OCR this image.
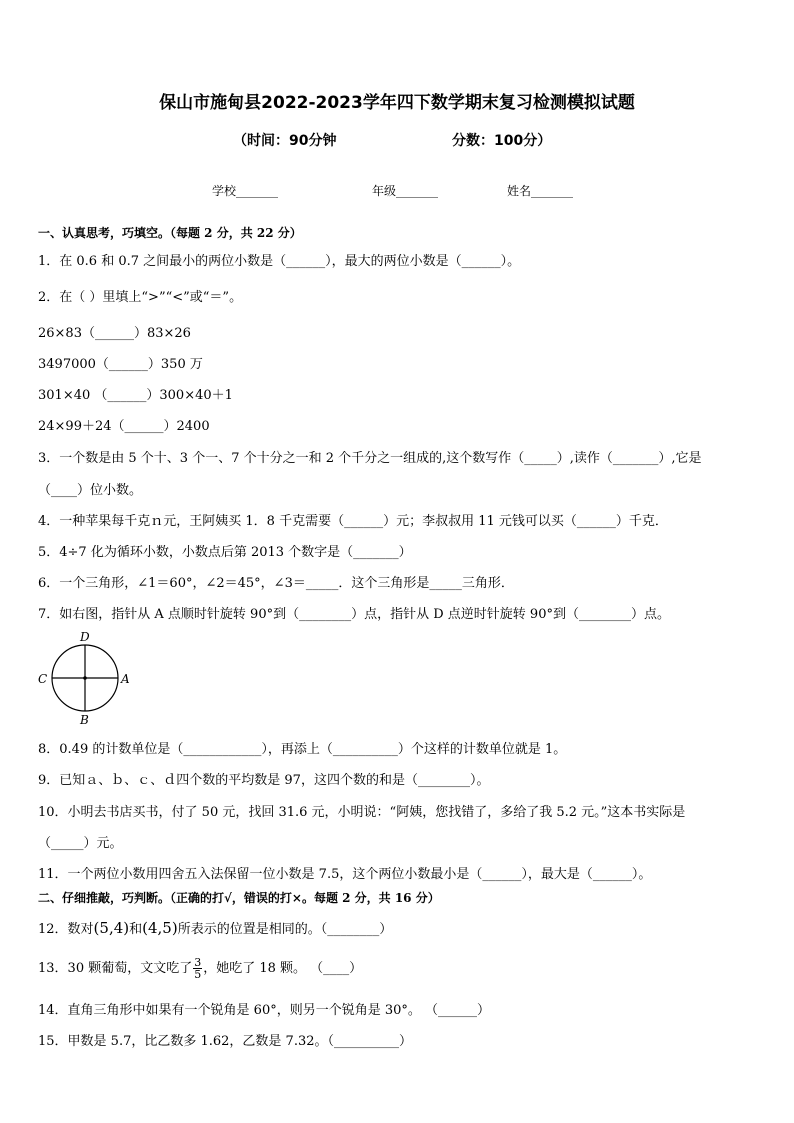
保山市施甸县2022-2023学年四下数学期末复习检测模拟试题
（时间：90分钟	分数：100分）
学校_______	年级_______	姓名_______
一、认真思考，巧填空。（每题 2 分，共 22 分）
1．在 0.6 和 0.7 之间最小的两位小数是（______），最大的两位小数是（______）。
2．在（ ）里填上“>”“<”或“＝”。
26×83（______）83×26
3497000（______）350 万
301×40 （______）300×40＋1
24×99＋24（______）2400
3．一个数是由 5 个十、3 个一、7 个十分之一和 2 个千分之一组成的,这个数写作（_____）,读作（_______）,它是
（____）位小数。
4．一种苹果每千克ｎ元，王阿姨买 1．8 千克需要（______）元；李叔叔用 11 元钱可以买（______）千克．
5．4÷7 化为循环小数，小数点后第 2013 个数字是（_______）
6．一个三角形，∠1＝60°，∠2＝45°，∠3＝_____．这个三角形是_____三角形．
7．如右图，指针从 A 点顺时针旋转 90°到（________）点，指针从 D 点逆时针旋转 90°到（________）点。
D
C	A
B
8．0.49 的计数单位是（____________），再添上（__________）个这样的计数单位就是 1。
9．已知ａ、ｂ、ｃ、ｄ四个数的平均数是 97，这四个数的和是（________）。
10．小明去书店买书，付了 50 元，找回 31.6 元，小明说：“阿姨，您找错了，多给了我 5.2 元。”这本书实际是
（_____）元。
11．一个两位小数用四舍五入法保留一位小数是 7.5，这个两位小数最小是（______），最大是（______）。
二、仔细推敲，巧判断。（正确的打√，错误的打×。每题 2 分，共 16 分）
12．数对(5,4)和(4,5)所表示的位置是相同的。（________）
13．30 颗葡萄，文文吃了 $\frac{3}{5}$ ，她吃了 18 颗。 （____）
14．直角三角形中如果有一个锐角是 60°，则另一个锐角是 30°。 （______）
15．甲数是 5.7，比乙数多 1.62，乙数是 7.32。（__________）
